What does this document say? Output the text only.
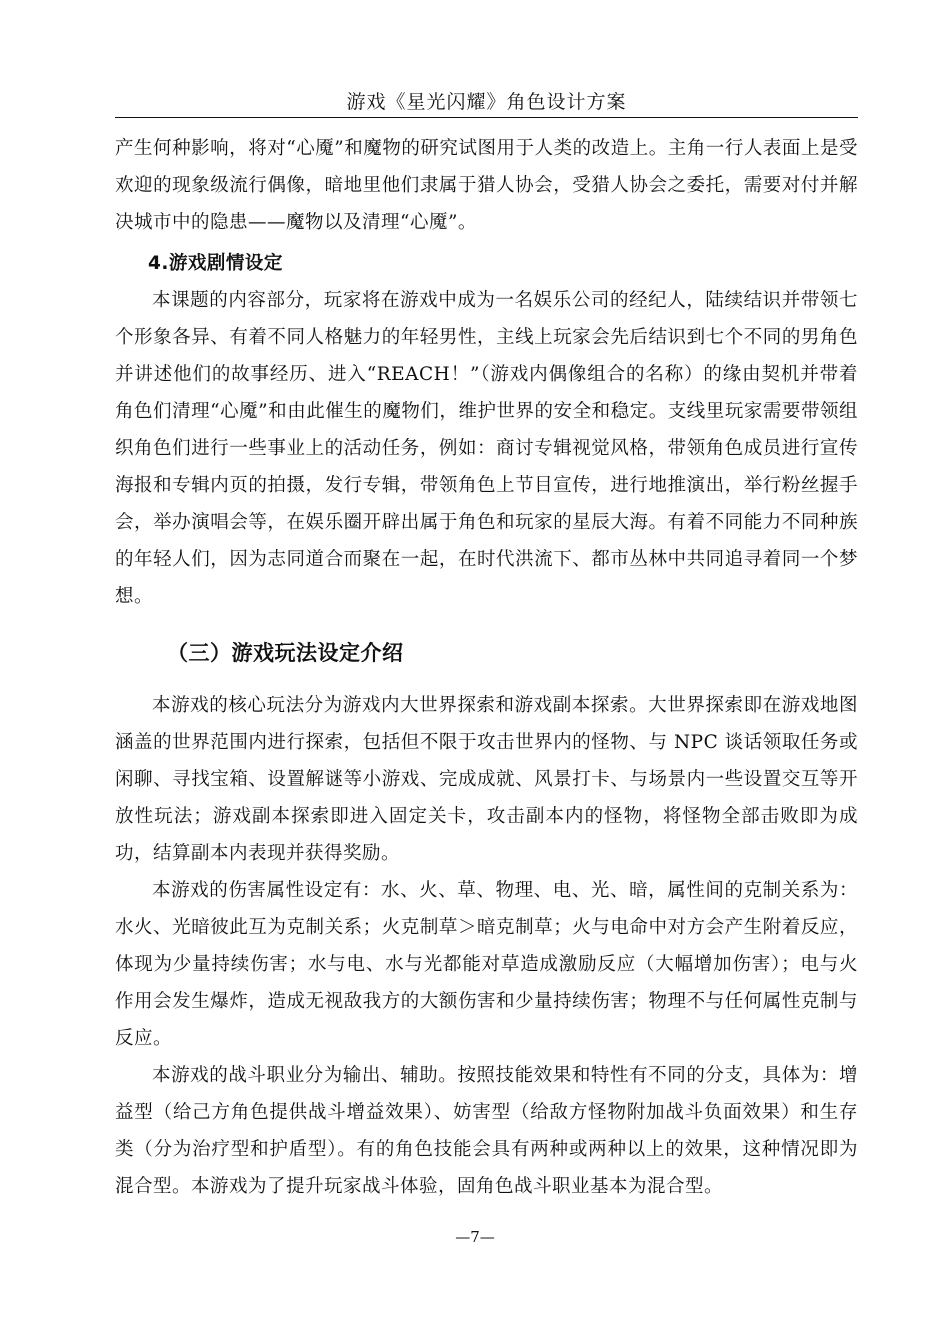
游戏《星光闪耀》角色设计方案

产生何种影响，将对“心魇”和魔物的研究试图用于人类的改造上。主角一行人表面上是受欢迎的现象级流行偶像，暗地里他们隶属于猎人协会，受猎人协会之委托，需要对付并解决城市中的隐患——魔物以及清理“心魇”。

4.游戏剧情设定

本课题的内容部分，玩家将在游戏中成为一名娱乐公司的经纪人，陆续结识并带领七个形象各异、有着不同人格魅力的年轻男性，主线上玩家会先后结识到七个不同的男角色并讲述他们的故事经历、进入“REACH！”（游戏内偶像组合的名称）的缘由契机并带着角色们清理“心魇”和由此催生的魔物们，维护世界的安全和稳定。支线里玩家需要带领组织角色们进行一些事业上的活动任务，例如：商讨专辑视觉风格，带领角色成员进行宣传海报和专辑内页的拍摄，发行专辑，带领角色上节目宣传，进行地推演出，举行粉丝握手会，举办演唱会等，在娱乐圈开辟出属于角色和玩家的星辰大海。有着不同能力不同种族的年轻人们，因为志同道合而聚在一起，在时代洪流下、都市丛林中共同追寻着同一个梦想。

（三）游戏玩法设定介绍

本游戏的核心玩法分为游戏内大世界探索和游戏副本探索。大世界探索即在游戏地图涵盖的世界范围内进行探索，包括但不限于攻击世界内的怪物、与 NPC 谈话领取任务或闲聊、寻找宝箱、设置解谜等小游戏、完成成就、风景打卡、与场景内一些设置交互等开放性玩法；游戏副本探索即进入固定关卡，攻击副本内的怪物，将怪物全部击败即为成功，结算副本内表现并获得奖励。

本游戏的伤害属性设定有：水、火、草、物理、电、光、暗，属性间的克制关系为：水火、光暗彼此互为克制关系；火克制草＞暗克制草；火与电命中对方会产生附着反应，体现为少量持续伤害；水与电、水与光都能对草造成激励反应（大幅增加伤害）；电与火作用会发生爆炸，造成无视敌我方的大额伤害和少量持续伤害；物理不与任何属性克制与反应。

本游戏的战斗职业分为输出、辅助。按照技能效果和特性有不同的分支，具体为：增益型（给己方角色提供战斗增益效果）、妨害型（给敌方怪物附加战斗负面效果）和生存类（分为治疗型和护盾型）。有的角色技能会具有两种或两种以上的效果，这种情况即为混合型。本游戏为了提升玩家战斗体验，固角色战斗职业基本为混合型。

—7—
